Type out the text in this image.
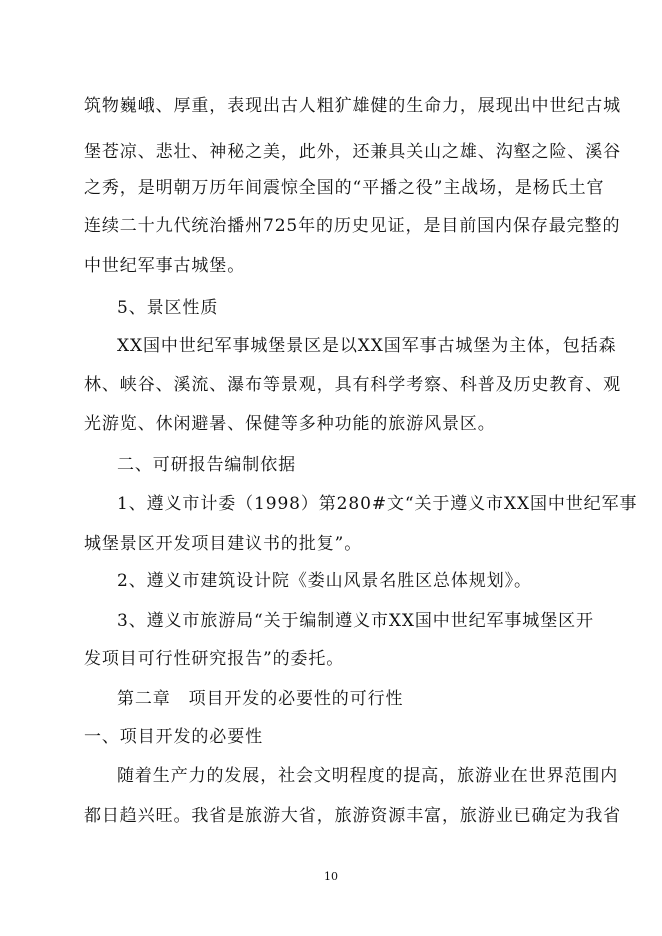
筑物巍峨、厚重，表现出古人粗犷雄健的生命力，展现出中世纪古城
堡苍凉、悲壮、神秘之美，此外，还兼具关山之雄、沟壑之险、溪谷
之秀，是明朝万历年间震惊全国的“平播之役”主战场，是杨氏土官
连续二十九代统治播州725年的历史见证，是目前国内保存最完整的
中世纪军事古城堡。
5、景区性质
XX国中世纪军事城堡景区是以XX国军事古城堡为主体，包括森
林、峡谷、溪流、瀑布等景观，具有科学考察、科普及历史教育、观
光游览、休闲避暑、保健等多种功能的旅游风景区。
二、可研报告编制依据
1、遵义市计委（1998）第280#文“关于遵义市XX国中世纪军事
城堡景区开发项目建议书的批复”。
2、遵义市建筑设计院《娄山风景名胜区总体规划》。
3、遵义市旅游局“关于编制遵义市XX国中世纪军事城堡区开
发项目可行性研究报告”的委托。
第二章　项目开发的必要性的可行性
一、项目开发的必要性
随着生产力的发展，社会文明程度的提高，旅游业在世界范围内
都日趋兴旺。我省是旅游大省，旅游资源丰富，旅游业已确定为我省
10
